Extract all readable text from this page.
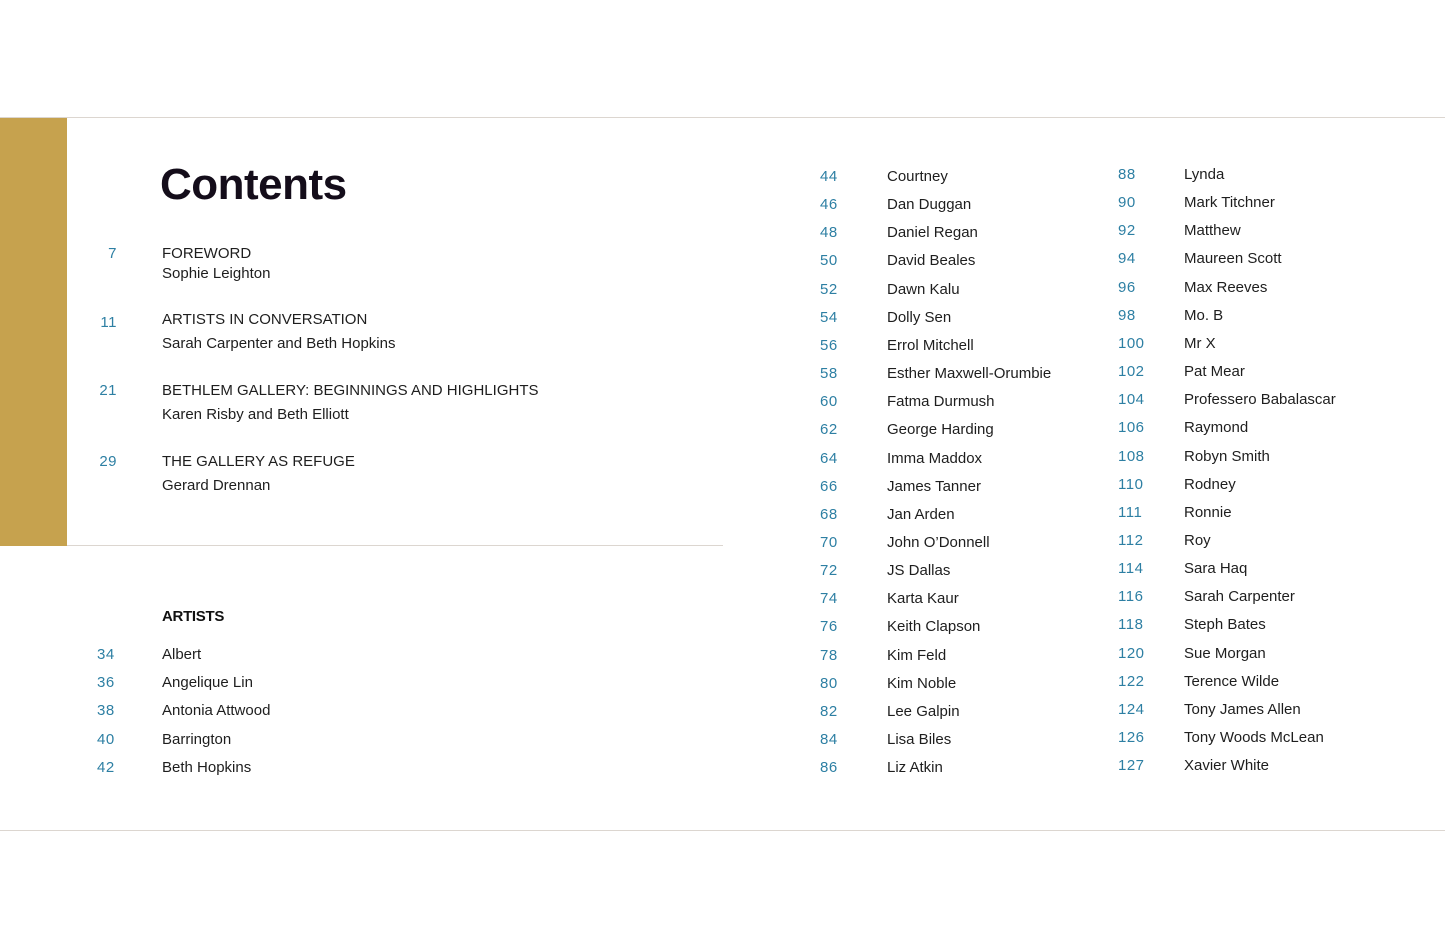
Contents
7	FOREWORD
Sophie Leighton
11	ARTISTS IN CONVERSATION
Sarah Carpenter and Beth Hopkins
21	BETHLEM GALLERY: BEGINNINGS AND HIGHLIGHTS
Karen Risby and Beth Elliott
29	THE GALLERY AS REFUGE
Gerard Drennan
ARTISTS
34	Albert
36	Angelique Lin
38	Antonia Attwood
40	Barrington
42	Beth Hopkins
44	Courtney
46	Dan Duggan
48	Daniel Regan
50	David Beales
52	Dawn Kalu
54	Dolly Sen
56	Errol Mitchell
58	Esther Maxwell-Orumbie
60	Fatma Durmush
62	George Harding
64	Imma Maddox
66	James Tanner
68	Jan Arden
70	John O’Donnell
72	JS Dallas
74	Karta Kaur
76	Keith Clapson
78	Kim Feld
80	Kim Noble
82	Lee Galpin
84	Lisa Biles
86	Liz Atkin
88	Lynda
90	Mark Titchner
92	Matthew
94	Maureen Scott
96	Max Reeves
98	Mo. B
100	Mr X
102	Pat Mear
104	Professero Babalascar
106	Raymond
108	Robyn Smith
110	Rodney
111	Ronnie
112	Roy
114	Sara Haq
116	Sarah Carpenter
118	Steph Bates
120	Sue Morgan
122	Terence Wilde
124	Tony James Allen
126	Tony Woods McLean
127	Xavier White
